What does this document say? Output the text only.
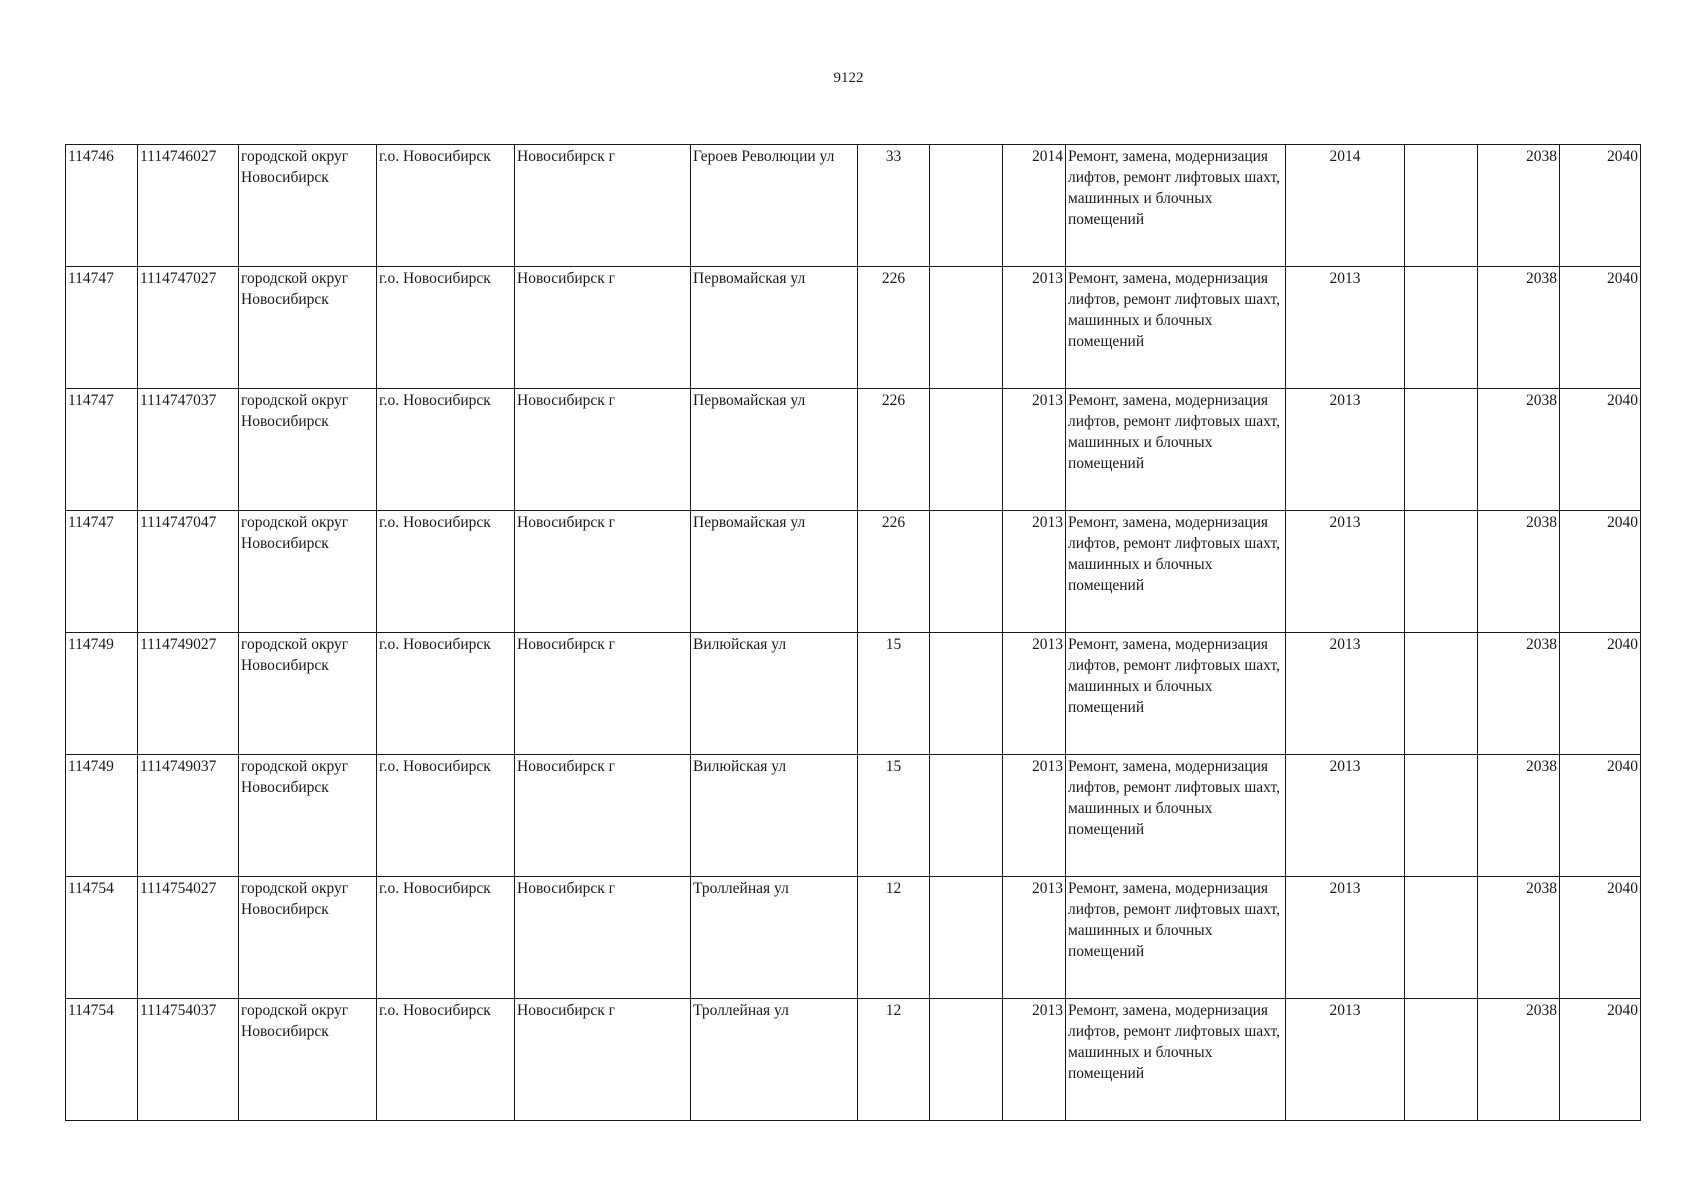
9122
114746	1114746027	городской округ Новосибирск	г.о. Новосибирск	Новосибирск г	Героев Революции ул	33		2014	Ремонт, замена, модернизация лифтов, ремонт лифтовых шахт, машинных и блочных помещений	2014		2038	2040
114747	1114747027	городской округ Новосибирск	г.о. Новосибирск	Новосибирск г	Первомайская ул	226		2013	Ремонт, замена, модернизация лифтов, ремонт лифтовых шахт, машинных и блочных помещений	2013		2038	2040
114747	1114747037	городской округ Новосибирск	г.о. Новосибирск	Новосибирск г	Первомайская ул	226		2013	Ремонт, замена, модернизация лифтов, ремонт лифтовых шахт, машинных и блочных помещений	2013		2038	2040
114747	1114747047	городской округ Новосибирск	г.о. Новосибирск	Новосибирск г	Первомайская ул	226		2013	Ремонт, замена, модернизация лифтов, ремонт лифтовых шахт, машинных и блочных помещений	2013		2038	2040
114749	1114749027	городской округ Новосибирск	г.о. Новосибирск	Новосибирск г	Вилюйская ул	15		2013	Ремонт, замена, модернизация лифтов, ремонт лифтовых шахт, машинных и блочных помещений	2013		2038	2040
114749	1114749037	городской округ Новосибирск	г.о. Новосибирск	Новосибирск г	Вилюйская ул	15		2013	Ремонт, замена, модернизация лифтов, ремонт лифтовых шахт, машинных и блочных помещений	2013		2038	2040
114754	1114754027	городской округ Новосибирск	г.о. Новосибирск	Новосибирск г	Троллейная ул	12		2013	Ремонт, замена, модернизация лифтов, ремонт лифтовых шахт, машинных и блочных помещений	2013		2038	2040
114754	1114754037	городской округ Новосибирск	г.о. Новосибирск	Новосибирск г	Троллейная ул	12		2013	Ремонт, замена, модернизация лифтов, ремонт лифтовых шахт, машинных и блочных помещений	2013		2038	2040
